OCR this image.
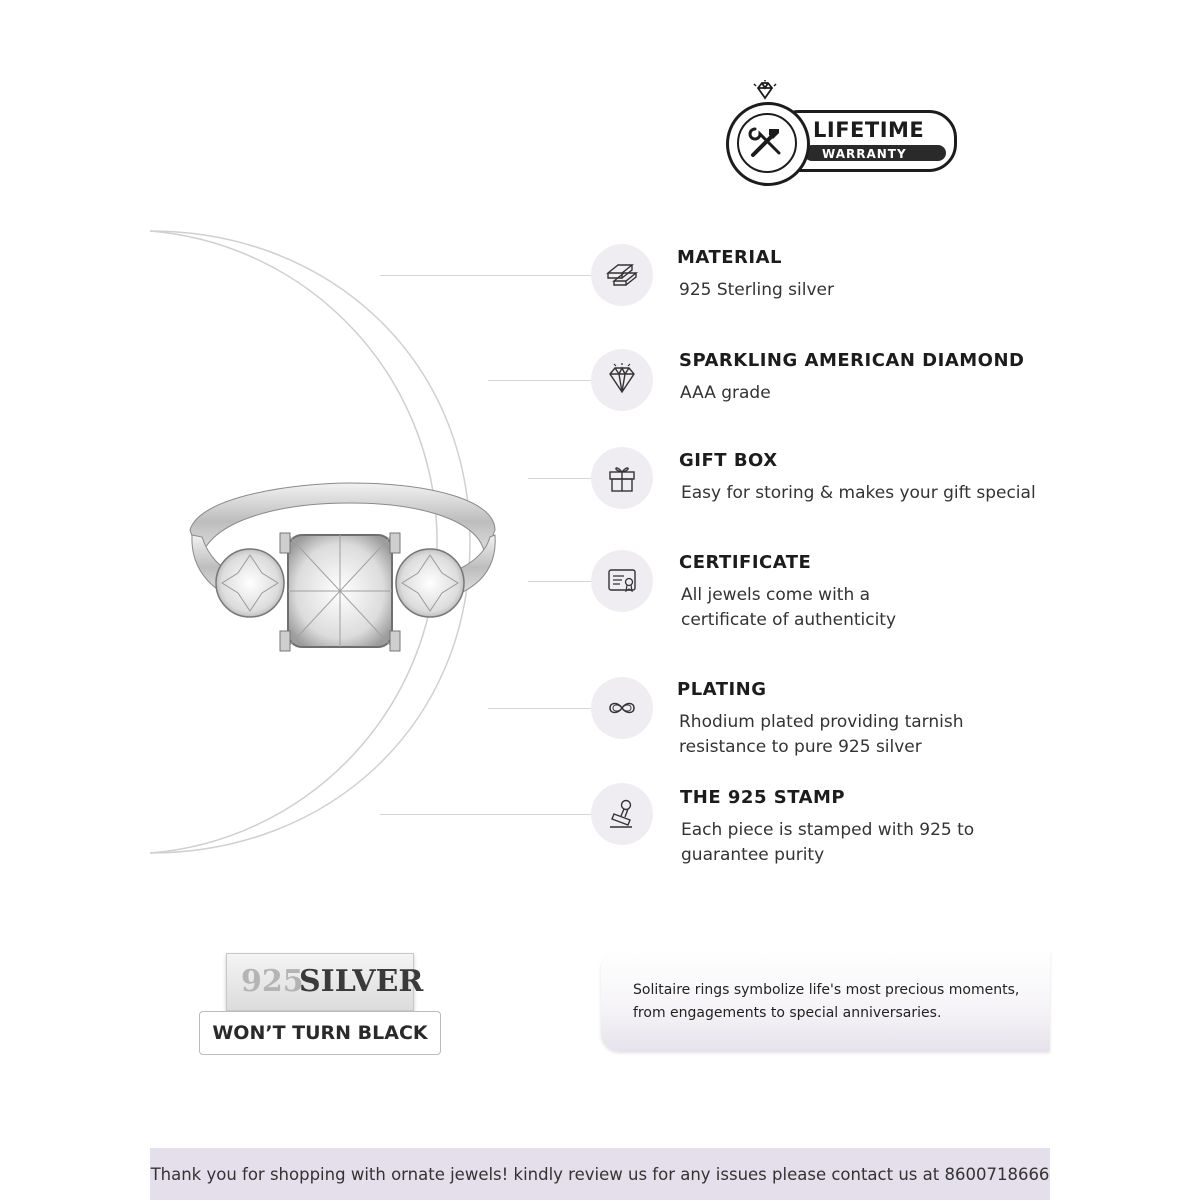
LIFETIME
WARRANTY
MATERIAL
925 Sterling silver
SPARKLING AMERICAN DIAMOND
AAA grade
GIFT BOX
Easy for storing & makes your gift special
CERTIFICATE
All jewels come with a
certificate of authenticity
PLATING
Rhodium plated providing tarnish
resistance to pure 925 silver
THE 925 STAMP
Each piece is stamped with 925 to
guarantee purity
925
SILVER
WON’T TURN BLACK

Solitaire rings symbolize life's most precious moments,
from engagements to special anniversaries.

Thank you for shopping with ornate jewels! kindly review us for any issues please contact us at 8600718666
